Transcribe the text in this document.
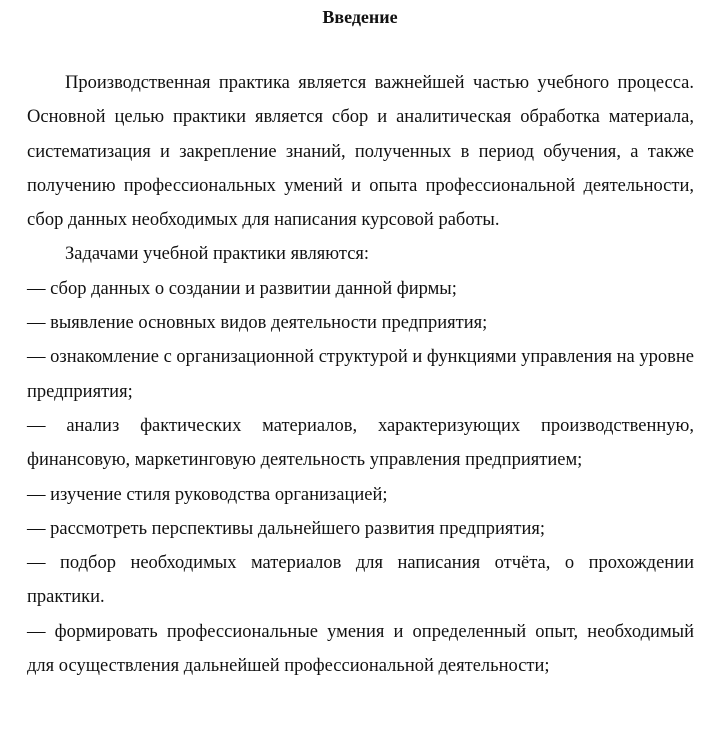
Введение

Производственная практика является важнейшей частью учебного процесса. Основной целью практики является сбор и аналитическая обработка материала, систематизация и закрепление знаний, полученных в период обучения, а также получению профессиональных умений и опыта профессиональной деятельности, сбор данных необходимых для написания курсовой работы.

Задачами учебной практики являются:

— сбор данных о создании и развитии данной фирмы;
— выявление основных видов деятельности предприятия;
— ознакомление с организационной структурой и функциями управления на уровне предприятия;
— анализ фактических материалов, характеризующих производственную, финансовую, маркетинговую деятельность управления предприятием;
— изучение стиля руководства организацией;
— рассмотреть перспективы дальнейшего развития предприятия;
— подбор необходимых материалов для написания отчёта, о прохождении практики.
— формировать профессиональные умения и определенный опыт, необходимый для осуществления дальнейшей профессиональной деятельности;
